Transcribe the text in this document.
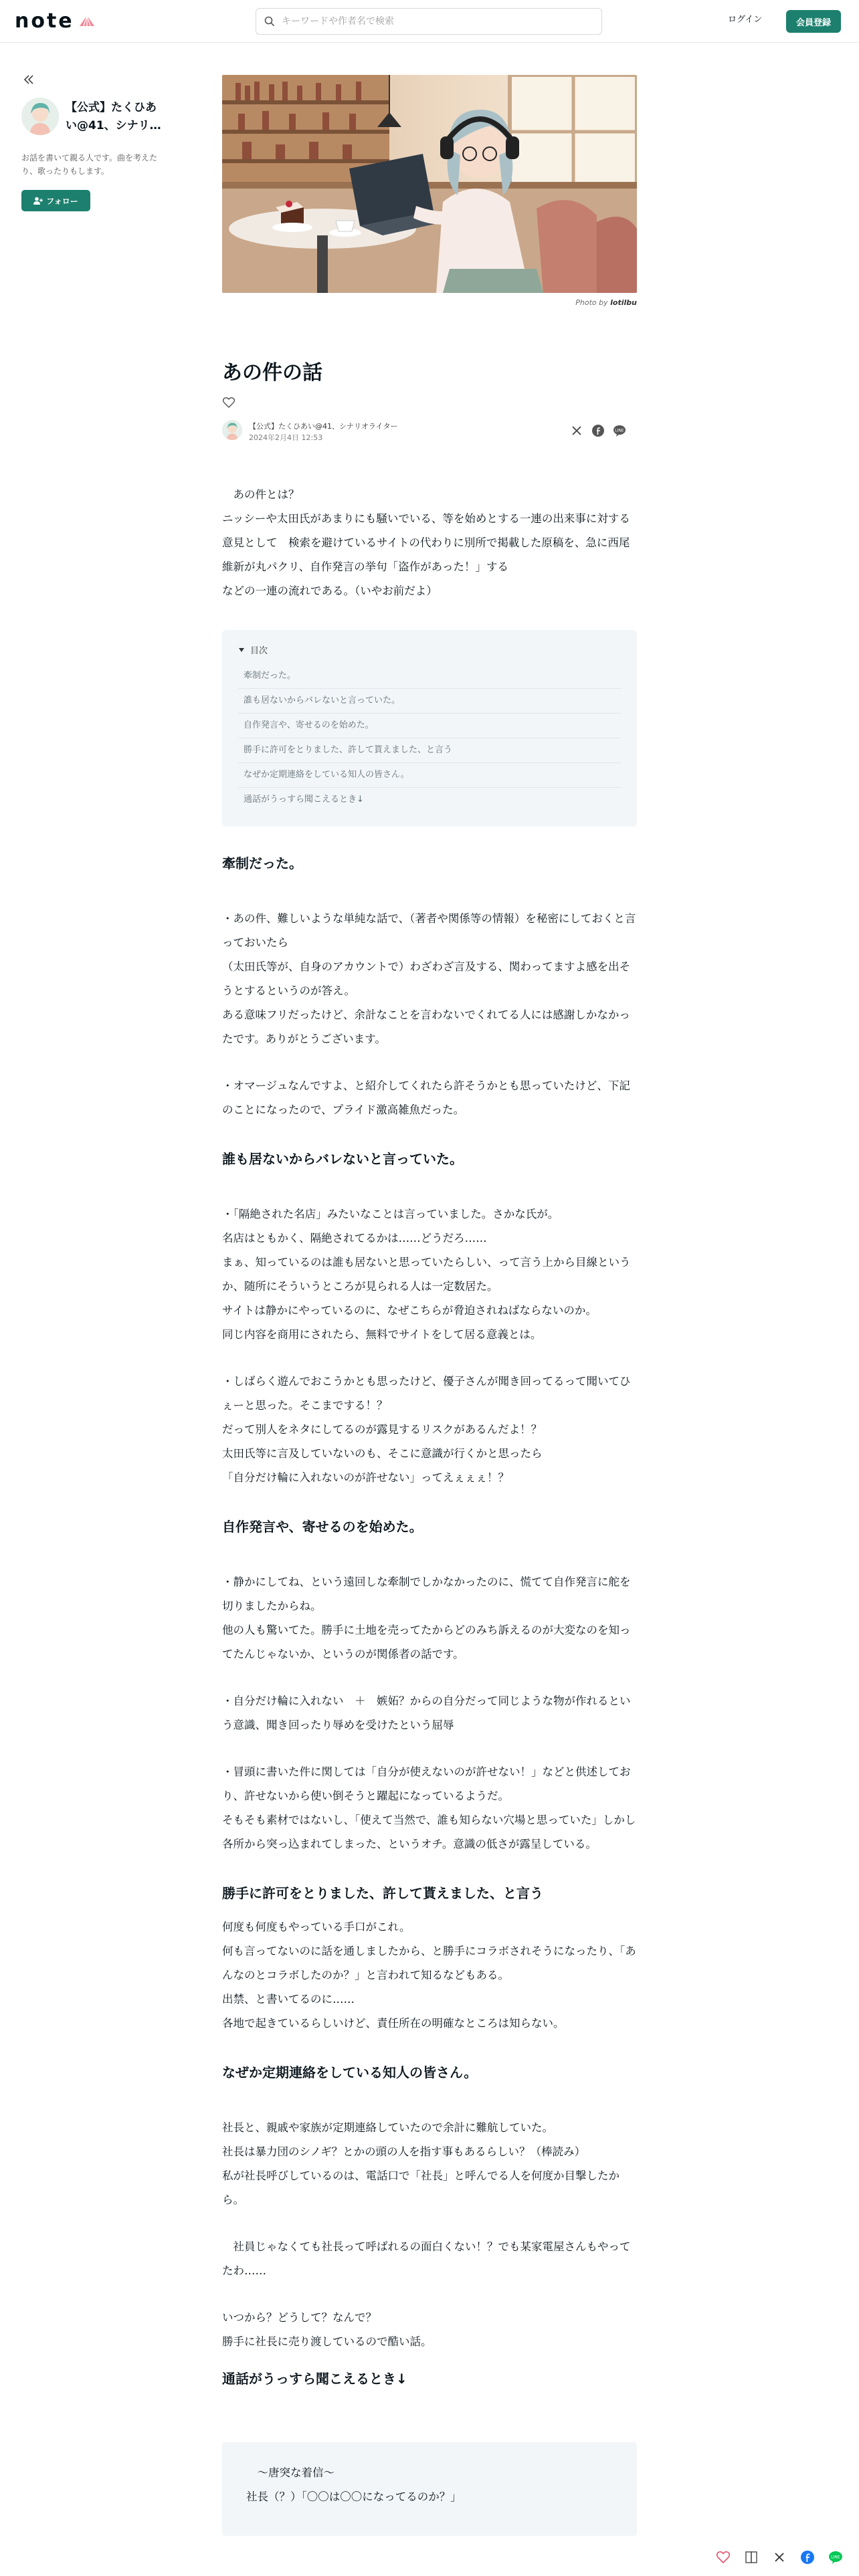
note
キーワードや作者名で検索	ログイン	会員登録
【公式】たくひあい@41、シナリ…
お話を書いて親る人です。曲を考えたり、歌ったりもします。
フォロー
Photo by lotilbu
あの件の話
【公式】たくひあい@41、シナリオライター
2024年2月4日 12:53
LINE
　あの件とは？
ニッシーや太田氏があまりにも騒いでいる、等を始めとする一連の出来事に対する意見として　検索を避けているサイトの代わりに別所で掲載した原稿を、急に西尾維新が丸パクリ、自作発言の挙句「盗作があった！」する
などの一連の流れである。（いやお前だよ）
目次
牽制だった。
誰も居ないからバレないと言っていた。
自作発言や、寄せるのを始めた。
勝手に許可をとりました、許して貰えました、と言う
なぜか定期連絡をしている知人の皆さん。
通話がうっすら聞こえるとき↓
牽制だった。
・あの件、難しいような単純な話で、（著者や関係等の情報）を秘密にしておくと言っておいたら
（太田氏等が、自身のアカウントで）わざわざ言及する、関わってますよ感を出そうとするというのが答え。
ある意味フリだったけど、余計なことを言わないでくれてる人には感謝しかなかったです。ありがとうございます。
・オマージュなんですよ、と紹介してくれたら許そうかとも思っていたけど、下記のことになったので、プライド激高雑魚だった。
誰も居ないからバレないと言っていた。
・「隔絶された名店」みたいなことは言っていました。さかな氏が。
名店はともかく、隔絶されてるかは……どうだろ……
まぁ、知っているのは誰も居ないと思っていたらしい、って言う上から目線というか、随所にそういうところが見られる人は一定数居た。
サイトは静かにやっているのに、なぜこちらが脅迫されねばならないのか。
同じ内容を商用にされたら、無料でサイトをして居る意義とは。
・しばらく遊んでおこうかとも思ったけど、優子さんが聞き回ってるって聞いてひぇーと思った。そこまでする！？
だって別人をネタにしてるのが露見するリスクがあるんだよ！？
太田氏等に言及していないのも、そこに意識が行くかと思ったら
「自分だけ輪に入れないのが許せない」ってえぇぇぇ！？
自作発言や、寄せるのを始めた。
・静かにしてね、という遠回しな牽制でしかなかったのに、慌てて自作発言に舵を切りましたからね。
他の人も驚いてた。勝手に土地を売ってたからどのみち訴えるのが大変なのを知ってたんじゃないか、というのが関係者の話です。
・自分だけ輪に入れない　＋　嫉妬？からの自分だって同じような物が作れるという意識、聞き回ったり辱めを受けたという屈辱
・冒頭に書いた件に関しては「自分が使えないのが許せない！」などと供述しており、許せないから使い倒そうと躍起になっているようだ。
そもそも素材ではないし、「使えて当然で、誰も知らない穴場と思っていた」しかし各所から突っ込まれてしまった、というオチ。意識の低さが露呈している。
勝手に許可をとりました、許して貰えました、と言う
何度も何度もやっている手口がこれ。
何も言ってないのに話を通しましたから、と勝手にコラボされそうになったり、「あんなのとコラボしたのか？」と言われて知るなどもある。
出禁、と書いてるのに……
各地で起きているらしいけど、責任所在の明確なところは知らない。
なぜか定期連絡をしている知人の皆さん。
社長と、親戚や家族が定期連絡していたので余計に難航していた。
社長は暴力団のシノギ？とかの頭の人を指す事もあるらしい？（棒読み）
私が社長呼びしているのは、電話口で「社長」と呼んでる人を何度か目撃したから。
　社員じゃなくても社長って呼ばれるの面白くない！？でも某家電屋さんもやってたわ……
いつから？どうして？なんで？
勝手に社長に売り渡しているので酷い話。
通話がうっすら聞こえるとき↓
　〜唐突な着信〜
社長（？）「〇〇は〇〇になってるのか？」
LINE
